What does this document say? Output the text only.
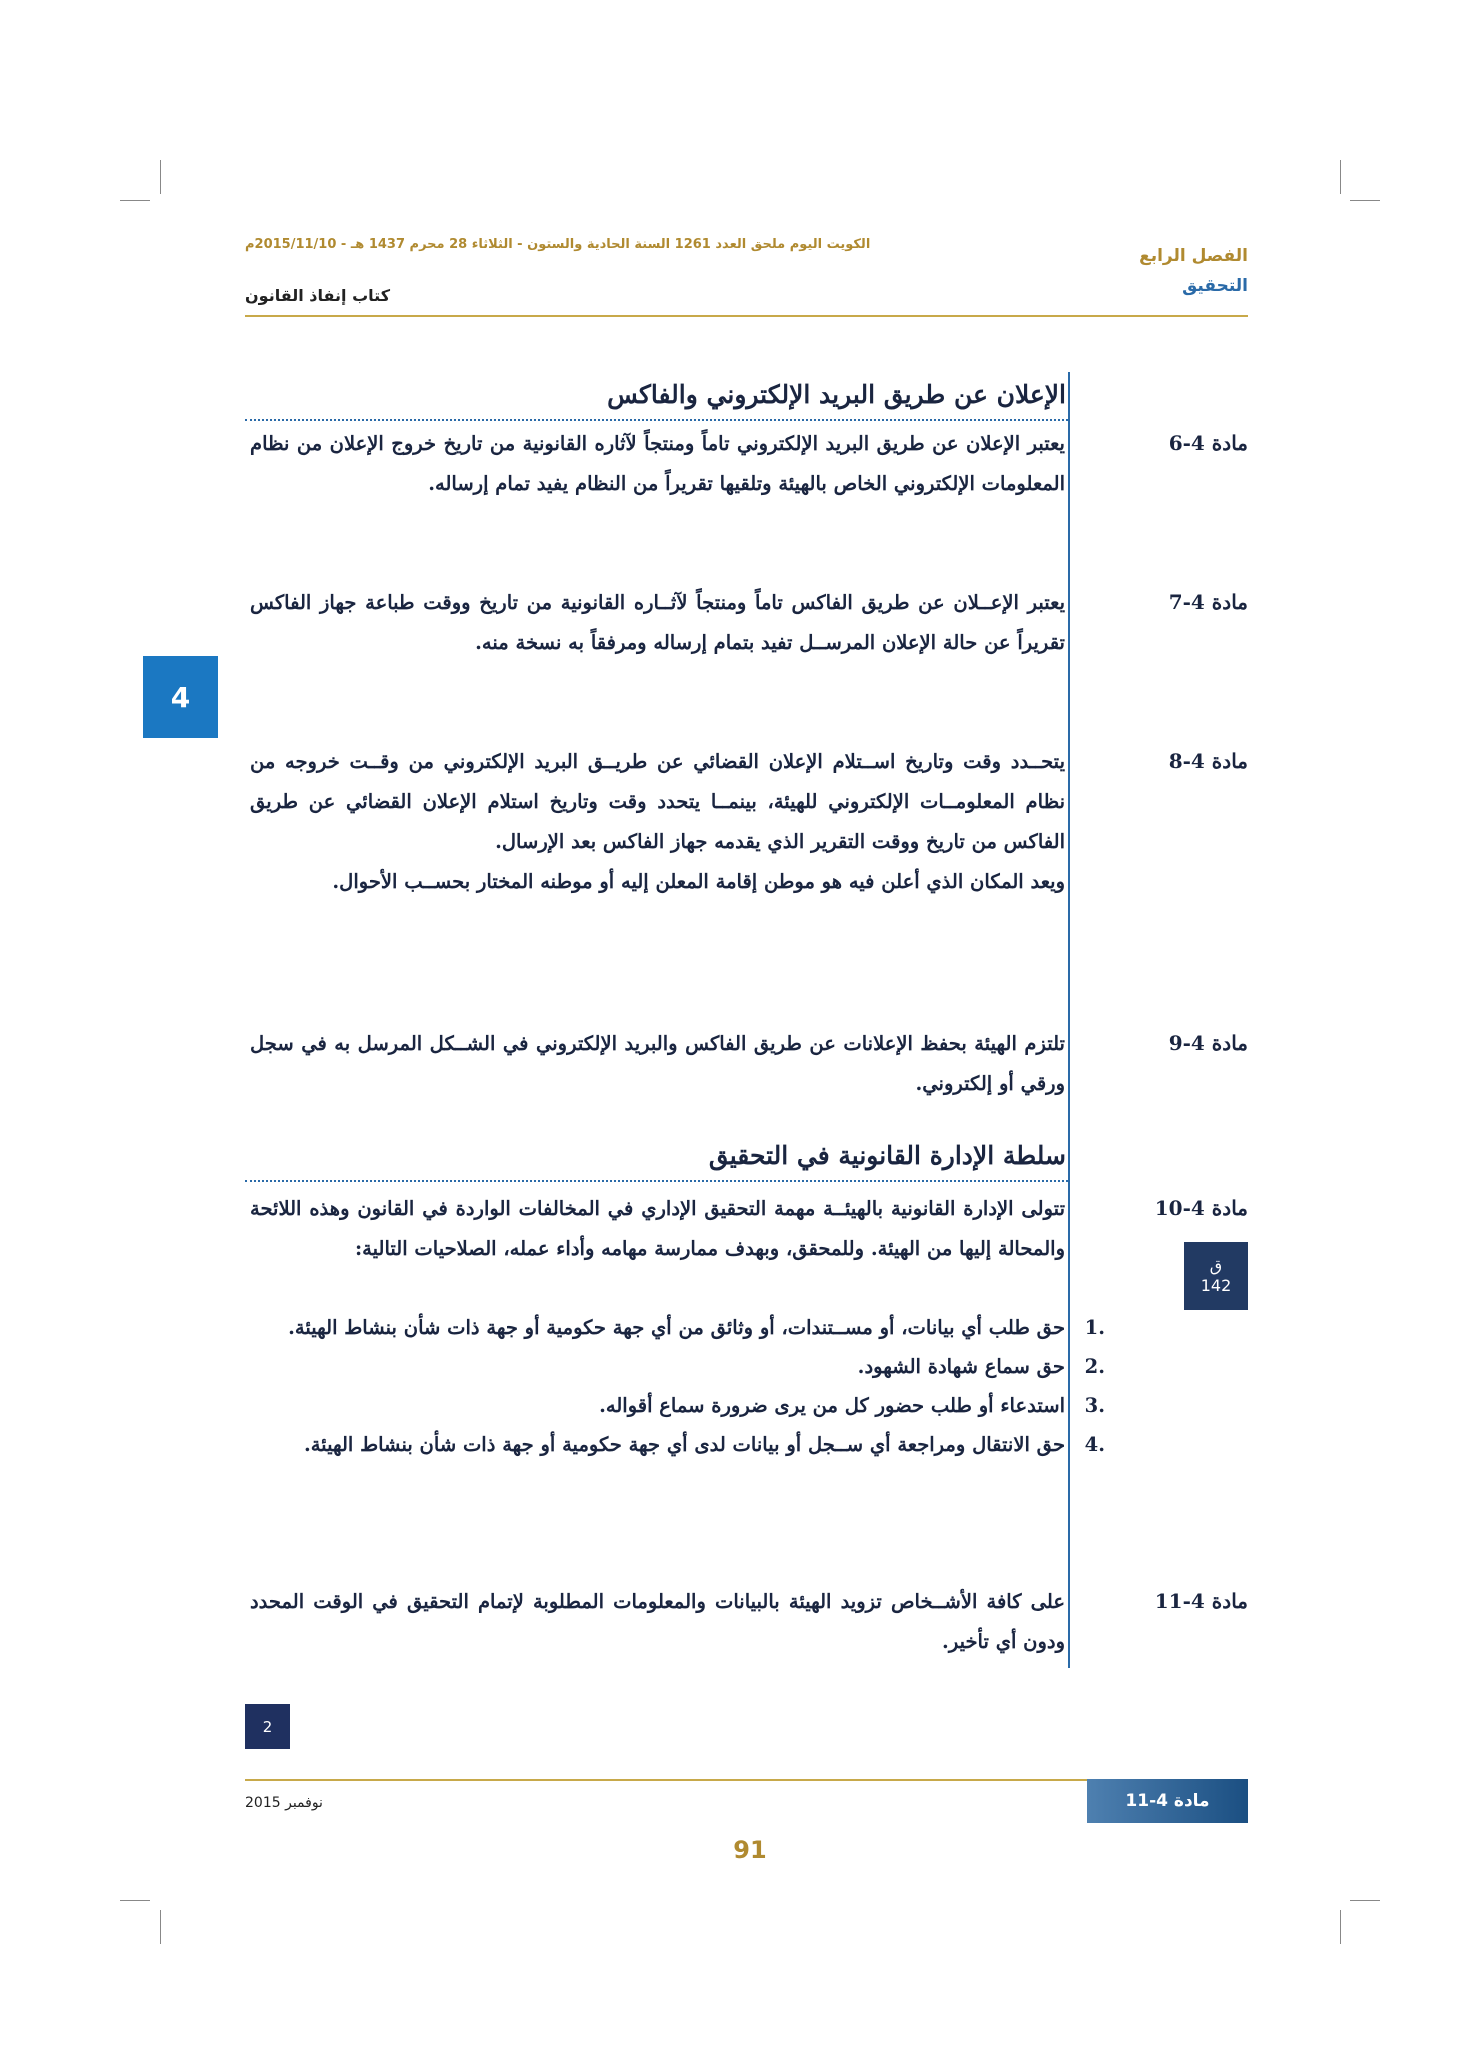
الفصل الرابع
التحقيق
الكويت اليوم ملحق العدد 1261 السنة الحادية والستون - الثلاثاء 28 محرم 1437 هـ - 2015/11/10م
كتاب إنفاذ القانون
الإعلان عن طريق البريد الإلكتروني والفاكس
مادة 4-6

يعتبر الإعلان عن طريق البريد الإلكتروني تاماً ومنتجاً لآثاره القانونية من تاريخ خروج الإعلان من نظام المعلومات الإلكتروني الخاص بالهيئة وتلقيها تقريراً من النظام يفيد تمام إرساله.

مادة 4-7

يعتبر الإعــلان عن طريق الفاكس تاماً ومنتجاً لآثــاره القانونية من تاريخ ووقت طباعة جهاز الفاكس تقريراً عن حالة الإعلان المرســل تفيد بتمام إرساله ومرفقاً به نسخة منه.

مادة 4-8

يتحــدد وقت وتاريخ اســتلام الإعلان القضائي عن طريــق البريد الإلكتروني من وقــت خروجه من نظام المعلومــات الإلكتروني للهيئة، بينمــا يتحدد وقت وتاريخ استلام الإعلان القضائي عن طريق الفاكس من تاريخ ووقت التقرير الذي يقدمه جهاز الفاكس بعد الإرسال.

ويعد المكان الذي أعلن فيه هو موطن إقامة المعلن إليه أو موطنه المختار بحســب الأحوال.

مادة 4-9

تلتزم الهيئة بحفظ الإعلانات عن طريق الفاكس والبريد الإلكتروني في الشــكل المرسل به في سجل ورقي أو إلكتروني.

سلطة الإدارة القانونية في التحقيق
مادة 4-10

تتولى الإدارة القانونية بالهيئــة مهمة التحقيق الإداري في المخالفات الواردة في القانون وهذه اللائحة والمحالة إليها من الهيئة. وللمحقق، وبهدف ممارسة مهامه وأداء عمله، الصلاحيات التالية:

1.
حق طلب أي بيانات، أو مســتندات، أو وثائق من أي جهة حكومية أو جهة ذات شأن بنشاط الهيئة.
2.
حق سماع شهادة الشهود.
3.
استدعاء أو طلب حضور كل من يرى ضرورة سماع أقواله.
4.
حق الانتقال ومراجعة أي ســجل أو بيانات لدى أي جهة حكومية أو جهة ذات شأن بنشاط الهيئة.
مادة 4-11

على كافة الأشــخاص تزويد الهيئة بالبيانات والمعلومات المطلوبة لإتمام التحقيق في الوقت المحدد ودون أي تأخير.

4
ق
142
2
نوفمبر 2015	مادة 4-11
91
